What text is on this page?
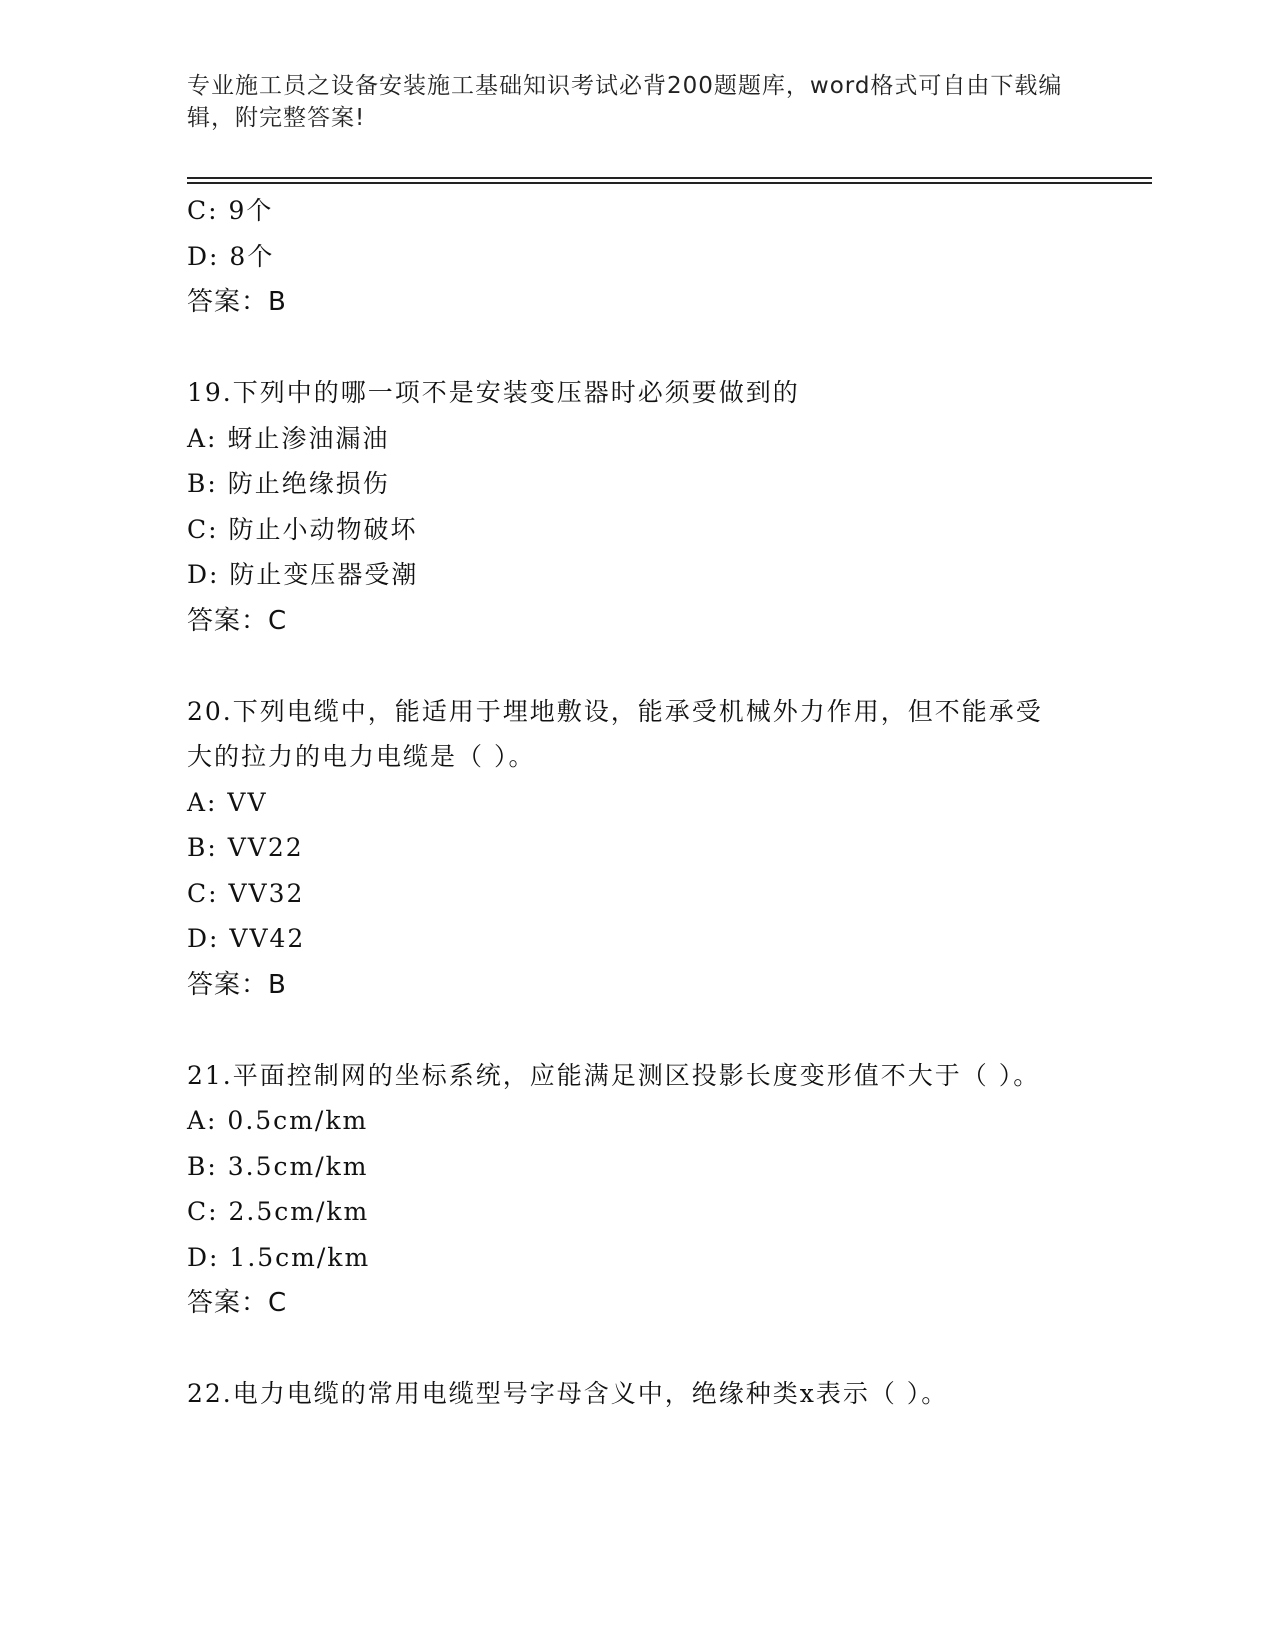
专业施工员之设备安装施工基础知识考试必背200题题库，word格式可自由下载编辑，附完整答案!
C: 9个
D: 8个
答案：B
19.下列中的哪一项不是安装变压器时必须要做到的
A: 蚜止渗油漏油
B: 防止绝缘损伤
C: 防止小动物破坏
D: 防止变压器受潮
答案：C
20.下列电缆中，能适用于埋地敷设，能承受机械外力作用，但不能承受大的拉力的电力电缆是（ ）。
A: VV
B: VV22
C: VV32
D: VV42
答案：B
21.平面控制网的坐标系统，应能满足测区投影长度变形值不大于（ ）。
A: 0.5cm/km
B: 3.5cm/km
C: 2.5cm/km
D: 1.5cm/km
答案：C
22.电力电缆的常用电缆型号字母含义中，绝缘种类x表示（ ）。
